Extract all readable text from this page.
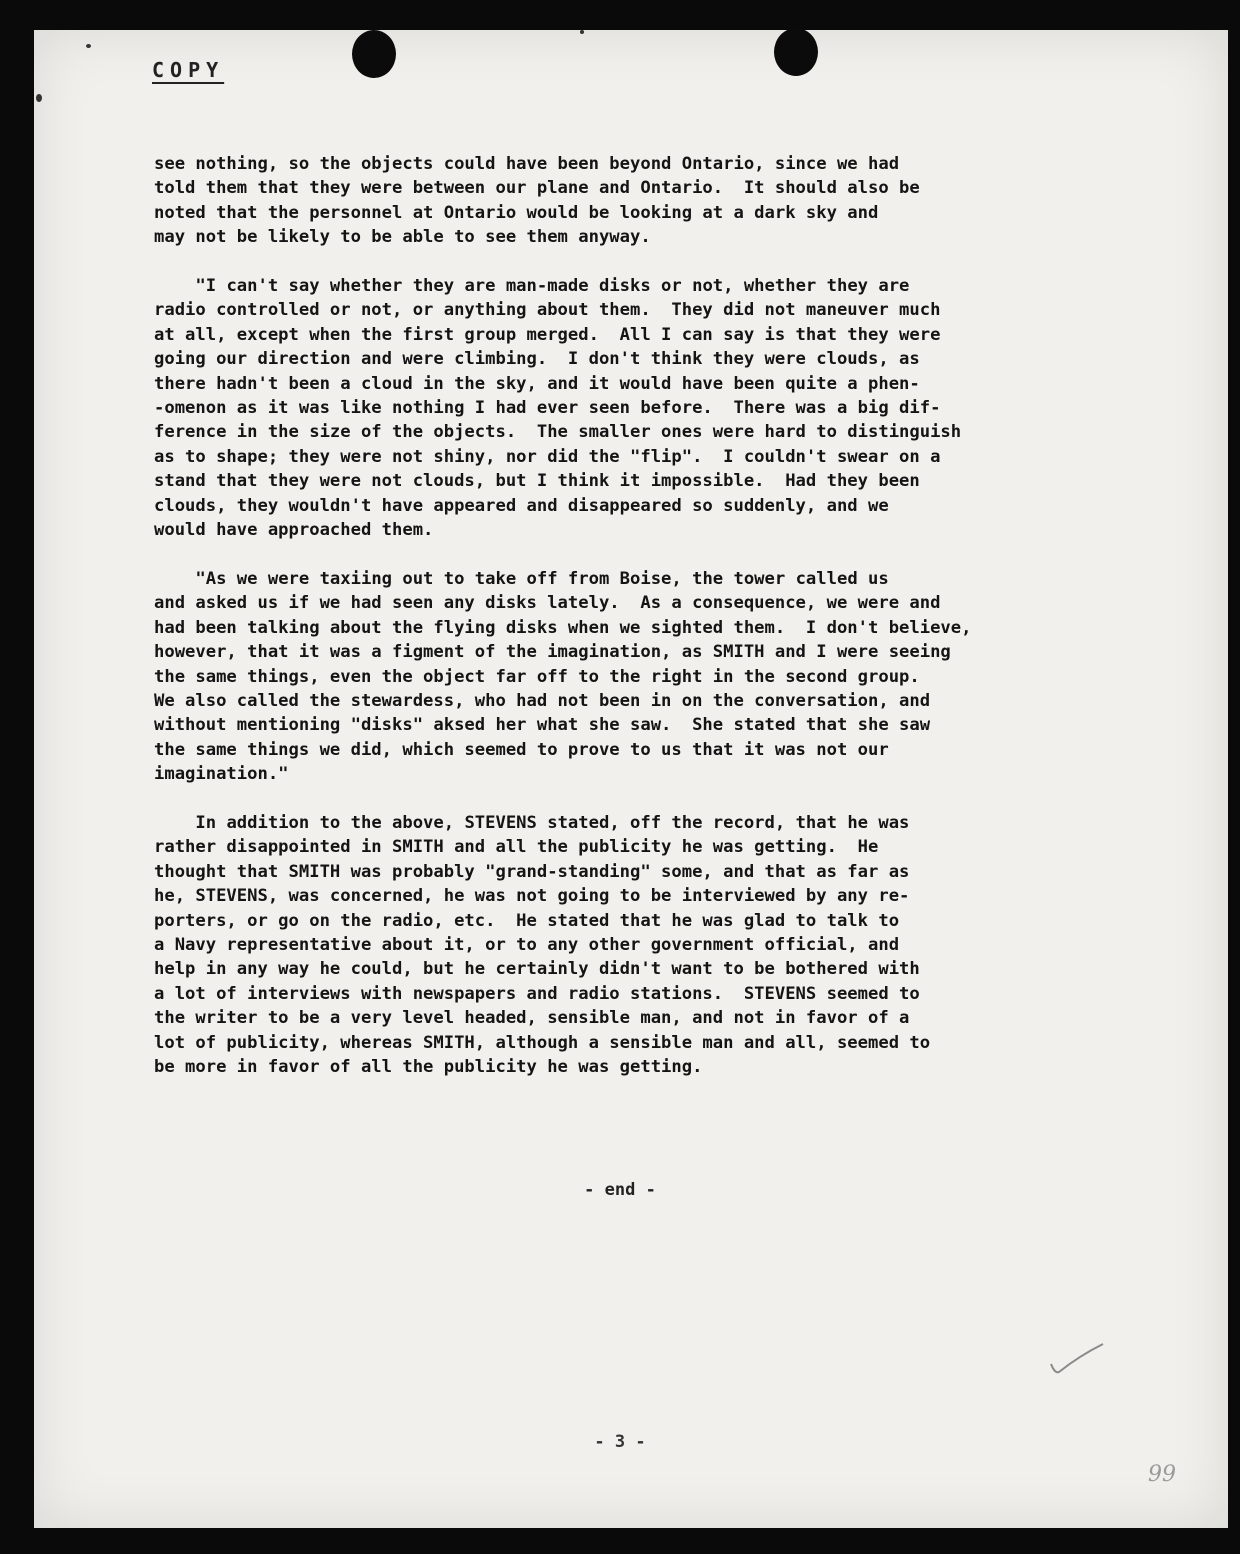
COPY

see nothing, so the objects could have been beyond Ontario, since we had
told them that they were between our plane and Ontario.  It should also be
noted that the personnel at Ontario would be looking at a dark sky and
may not be likely to be able to see them anyway.

"I can't say whether they are man-made disks or not, whether they are
radio controlled or not, or anything about them.  They did not maneuver much
at all, except when the first group merged.  All I can say is that they were
going our direction and were climbing.  I don't think they were clouds, as
there hadn't been a cloud in the sky, and it would have been quite a phen-
-omenon as it was like nothing I had ever seen before.  There was a big dif-
ference in the size of the objects.  The smaller ones were hard to distinguish
as to shape; they were not shiny, nor did the "flip".  I couldn't swear on a
stand that they were not clouds, but I think it impossible.  Had they been
clouds, they wouldn't have appeared and disappeared so suddenly, and we
would have approached them.

"As we were taxiing out to take off from Boise, the tower called us
and asked us if we had seen any disks lately.  As a consequence, we were and
had been talking about the flying disks when we sighted them.  I don't believe,
however, that it was a figment of the imagination, as SMITH and I were seeing
the same things, even the object far off to the right in the second group.
We also called the stewardess, who had not been in on the conversation, and
without mentioning "disks" aksed her what she saw.  She stated that she saw
the same things we did, which seemed to prove to us that it was not our
imagination."

In addition to the above, STEVENS stated, off the record, that he was
rather disappointed in SMITH and all the publicity he was getting.  He
thought that SMITH was probably "grand-standing" some, and that as far as
he, STEVENS, was concerned, he was not going to be interviewed by any re-
porters, or go on the radio, etc.  He stated that he was glad to talk to
a Navy representative about it, or to any other government official, and
help in any way he could, but he certainly didn't want to be bothered with
a lot of interviews with newspapers and radio stations.  STEVENS seemed to
the writer to be a very level headed, sensible man, and not in favor of a
lot of publicity, whereas SMITH, although a sensible man and all, seemed to
be more in favor of all the publicity he was getting.

- end -
- 3 -
99
